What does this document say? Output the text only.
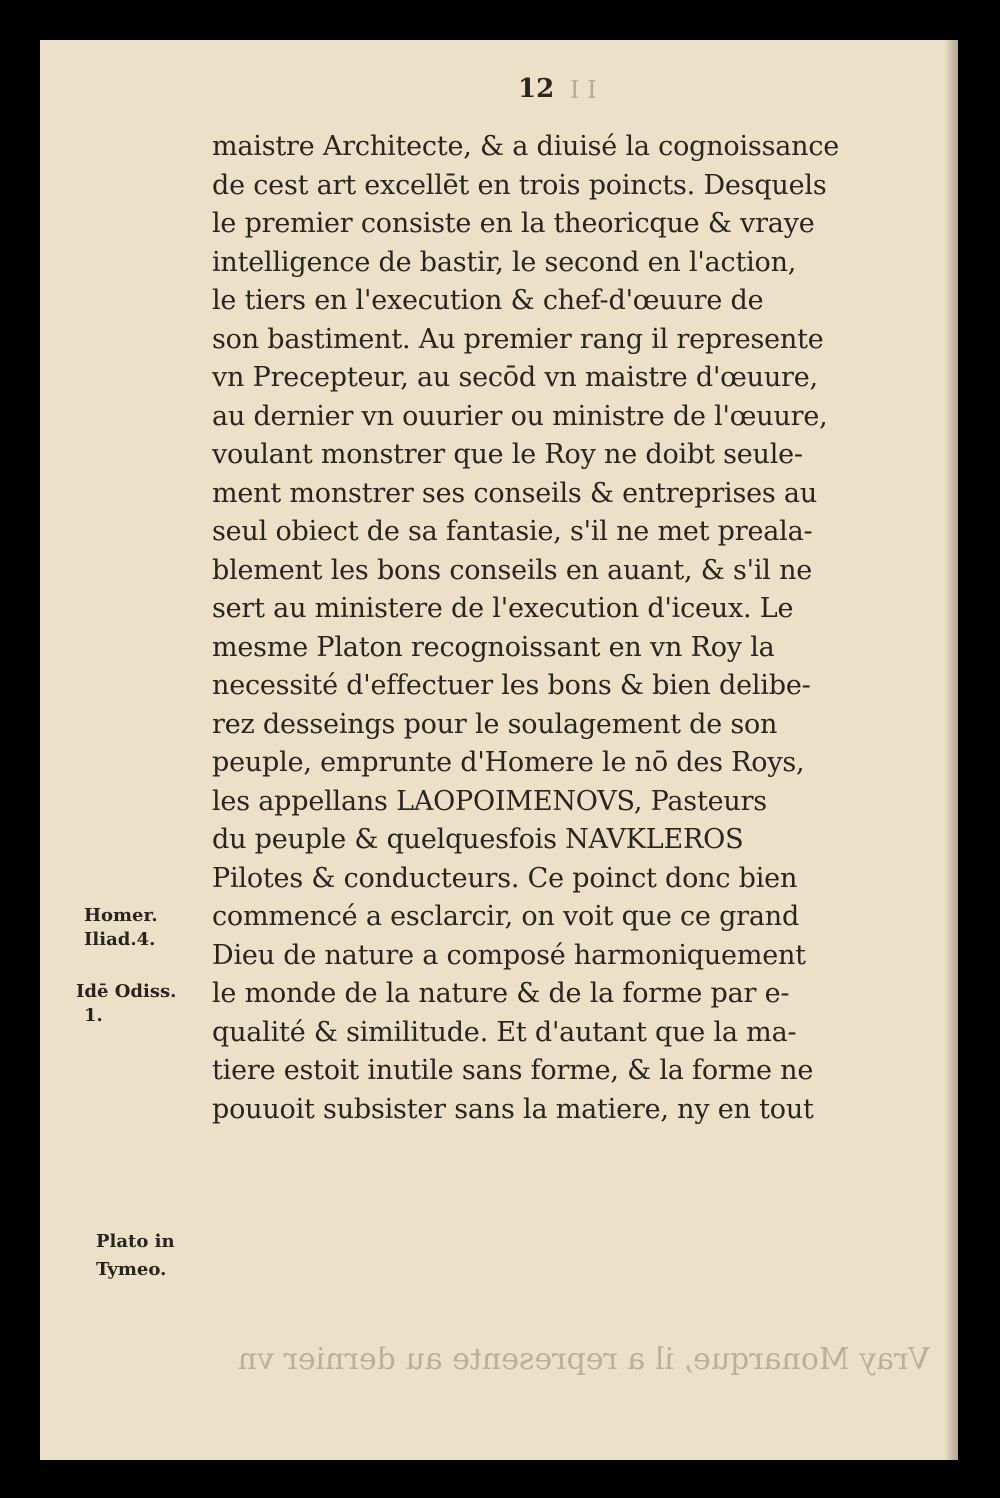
I I
12
maistre Architecte, & a diuisé la cognoissance
de cest art excellēt en trois poincts. Desquels
le premier consiste en la theoricque & vraye
intelligence de bastir, le second en l'action,
le tiers en l'execution & chef-d'œuure de
son bastiment. Au premier rang il represente
vn Precepteur, au secōd vn maistre d'œuure,
au dernier vn ouurier ou ministre de l'œuure,
voulant monstrer que le Roy ne doibt seule-
ment monstrer ses conseils & entreprises au
seul obiect de sa fantasie, s'il ne met preala-
blement les bons conseils en auant, & s'il ne
sert au ministere de l'execution d'iceux. Le
mesme Platon recognoissant en vn Roy la
necessité d'effectuer les bons & bien delibe-
rez desseings pour le soulagement de son
peuple, emprunte d'Homere le nō des Roys,
les appellans LAOPOIMENOVS, Pasteurs
du peuple & quelquesfois NAVKLEROS
Pilotes & conducteurs. Ce poinct donc bien
commencé a esclarcir, on voit que ce grand
Dieu de nature a composé harmoniquement
le monde de la nature & de la forme par e-
qualité & similitude. Et d'autant que la ma-
tiere estoit inutile sans forme, & la forme ne
pouuoit subsister sans la matiere, ny en tout
Homer.
Iliad.4.
Idē Odiss.
1.
Plato in
Tymeo.
Vray Monarque, il a represente au dernier vn
